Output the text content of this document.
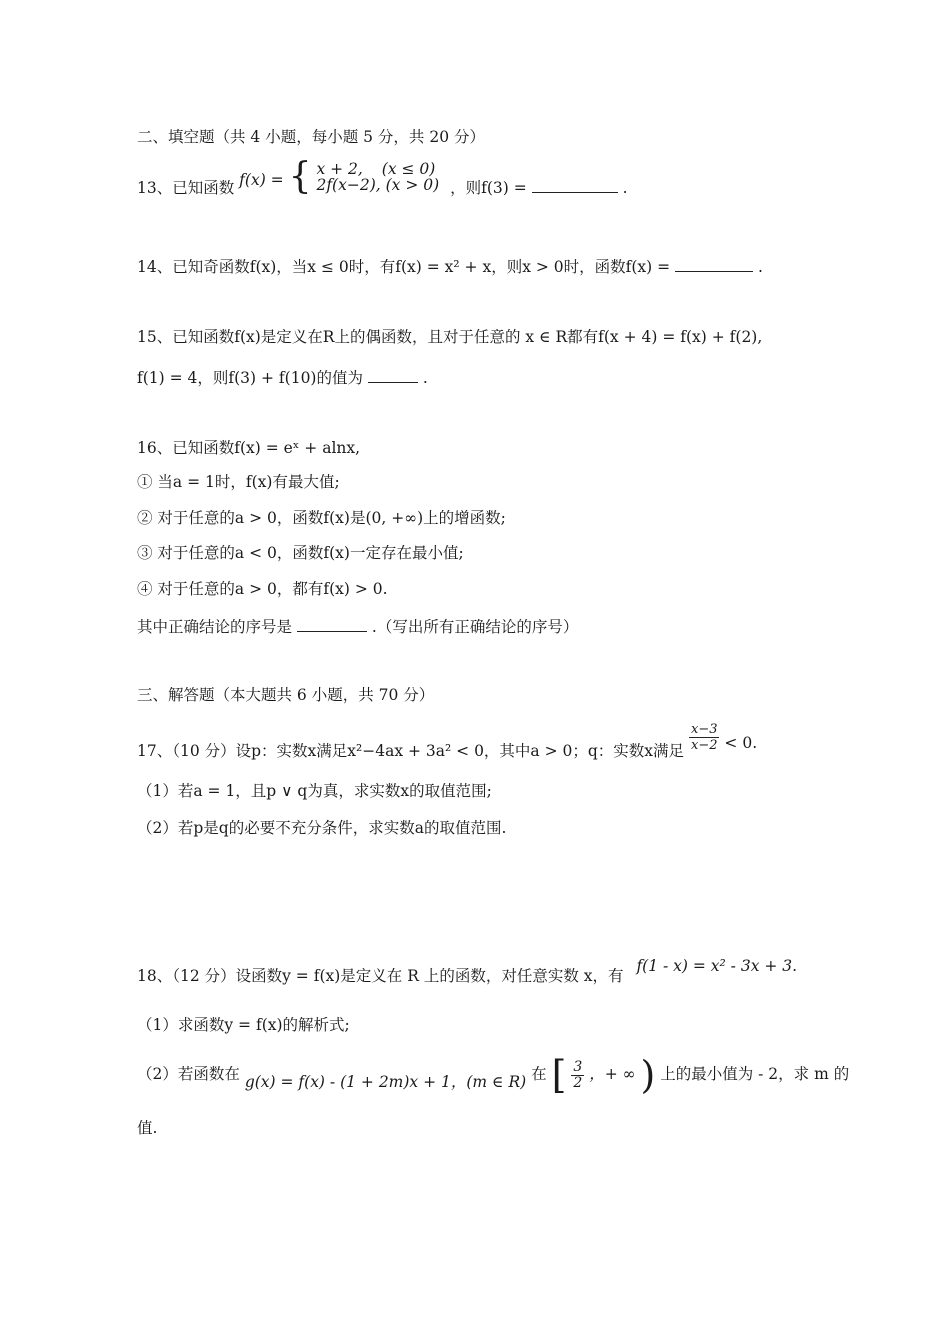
二、填空题（共 4 小题，每小题 5 分，共 20 分）
13、已知函数 f(x) = { x + 2, (x ≤ 0)
2f(x−2), (x > 0) ，则f(3) =	.
14、已知奇函数f(x)，当x ≤ 0时，有f(x) = x² + x，则x > 0时，函数f(x) =	.
15、已知函数f(x)是定义在R上的偶函数，且对于任意的 x ∈ R都有f(x + 4) = f(x) + f(2),
f(1) = 4，则f(3) + f(10)的值为	.
16、已知函数f(x) = eˣ + alnx,
① 当a = 1时，f(x)有最大值;
② 对于任意的a > 0，函数f(x)是(0, +∞)上的增函数;
③ 对于任意的a < 0，函数f(x)一定存在最小值;
④ 对于任意的a > 0，都有f(x) > 0.
其中正确结论的序号是	.（写出所有正确结论的序号）
三、解答题（本大题共 6 小题，共 70 分）
17、（10 分）设p：实数x满足x²−4ax + 3a² < 0，其中a > 0；q：实数x满足 $\frac{x-3}{x-2} < 0$.
（1）若a = 1，且p ∨ q为真，求实数x的取值范围;
（2）若p是q的必要不充分条件，求实数a的取值范围.
18、（12 分）设函数y = f(x)是定义在 R 上的函数，对任意实数 x，有 f(1 - x) = x² - 3x + 3.
（1）求函数y = f(x)的解析式;
（2）若函数在 g(x) = f(x) - (1 + 2m)x + 1，(m ∈ R) 在 [ $\frac{3}{2}$ ，+ ∞ ) 上的最小值为 - 2，求 m 的
值.
